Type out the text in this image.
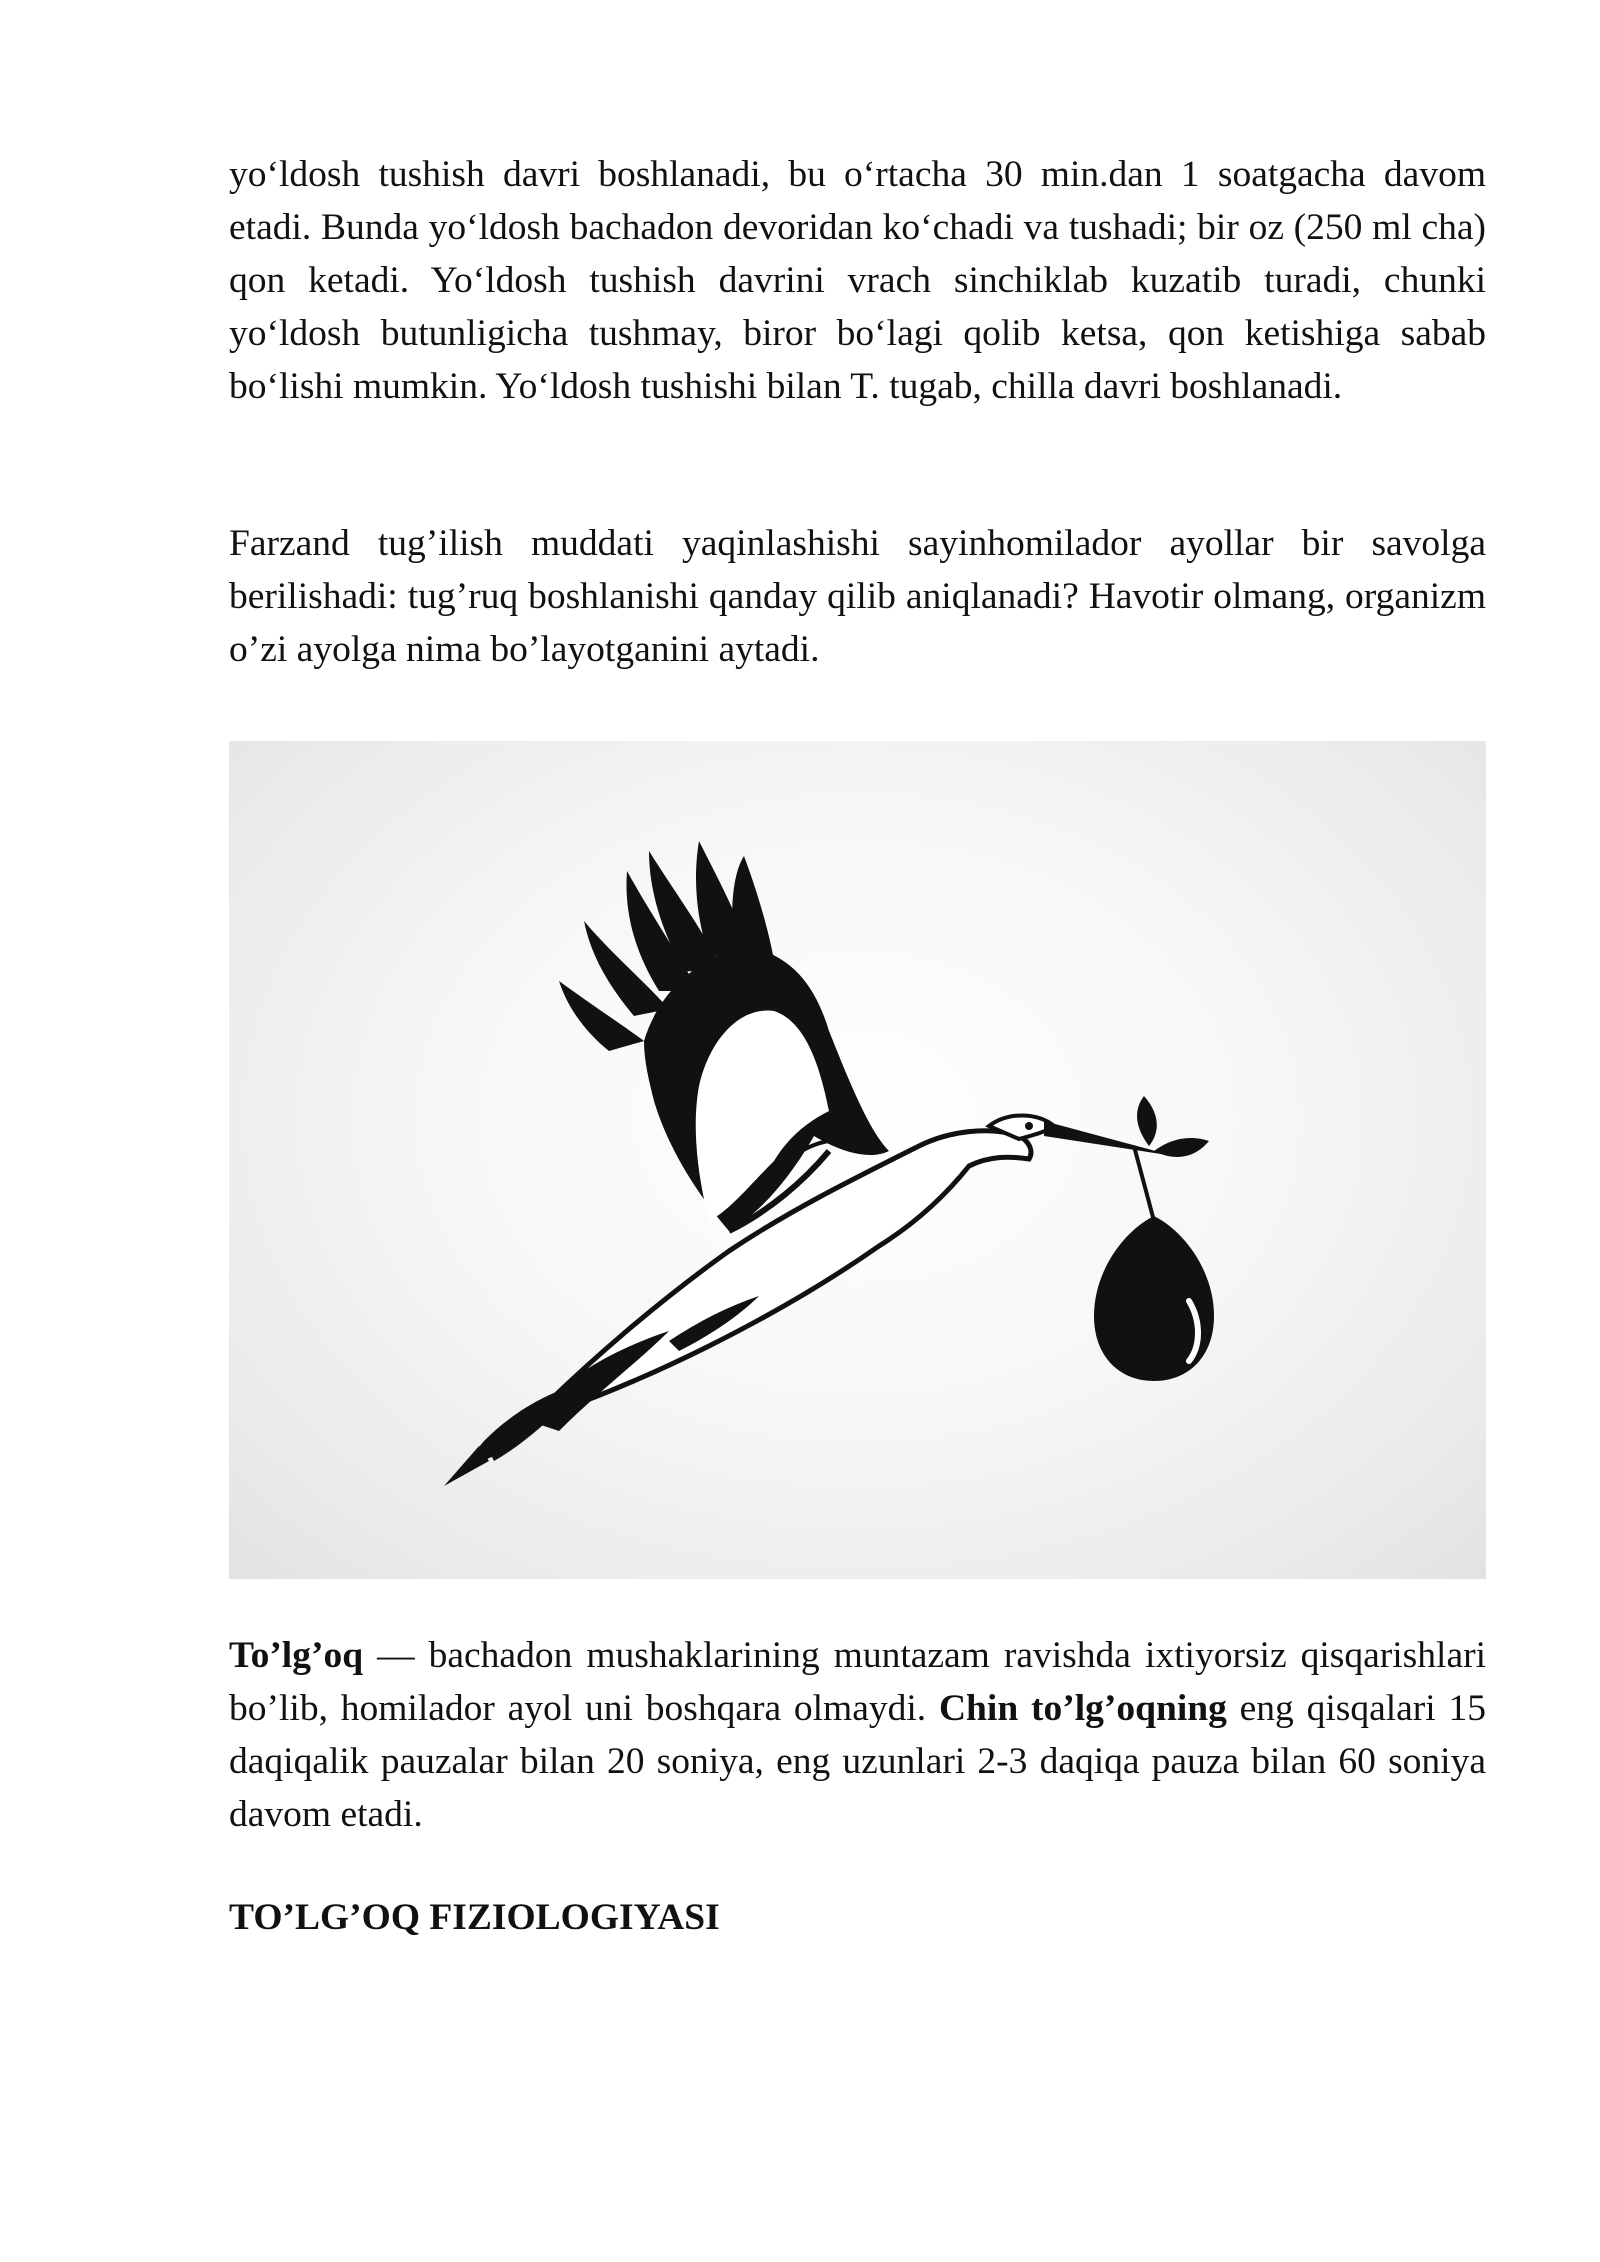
yo‘ldosh tushish davri boshlanadi, bu o‘rtacha 30 min.dan 1 soatgacha davom etadi. Bunda yo‘ldosh bachadon devoridan ko‘chadi va tushadi; bir oz (250 ml cha) qon ketadi. Yo‘ldosh tushish davrini vrach sinchiklab kuzatib turadi, chunki yo‘ldosh butunligicha tushmay, biror bo‘lagi qolib ketsa, qon ketishiga sabab bo‘lishi mumkin. Yo‘ldosh tushishi bilan T. tugab, chilla davri boshlanadi.

Farzand tug’ilish muddati yaqinlashishi sayinhomilador ayollar bir savolga berilishadi: tug’ruq boshlanishi qanday qilib aniqlanadi? Havotir olmang, organizm o’zi ayolga nima bo’layotganini aytadi.

To’lg’oq — bachadon mushaklarining muntazam ravishda ixtiyorsiz qisqarishlari bo’lib, homilador ayol uni boshqara olmaydi. Chin to’lg’oqning eng qisqalari 15 daqiqalik pauzalar bilan 20 soniya, eng uzunlari 2-3 daqiqa pauza bilan 60 soniya davom etadi.

TO’LG’OQ FIZIOLOGIYASI
